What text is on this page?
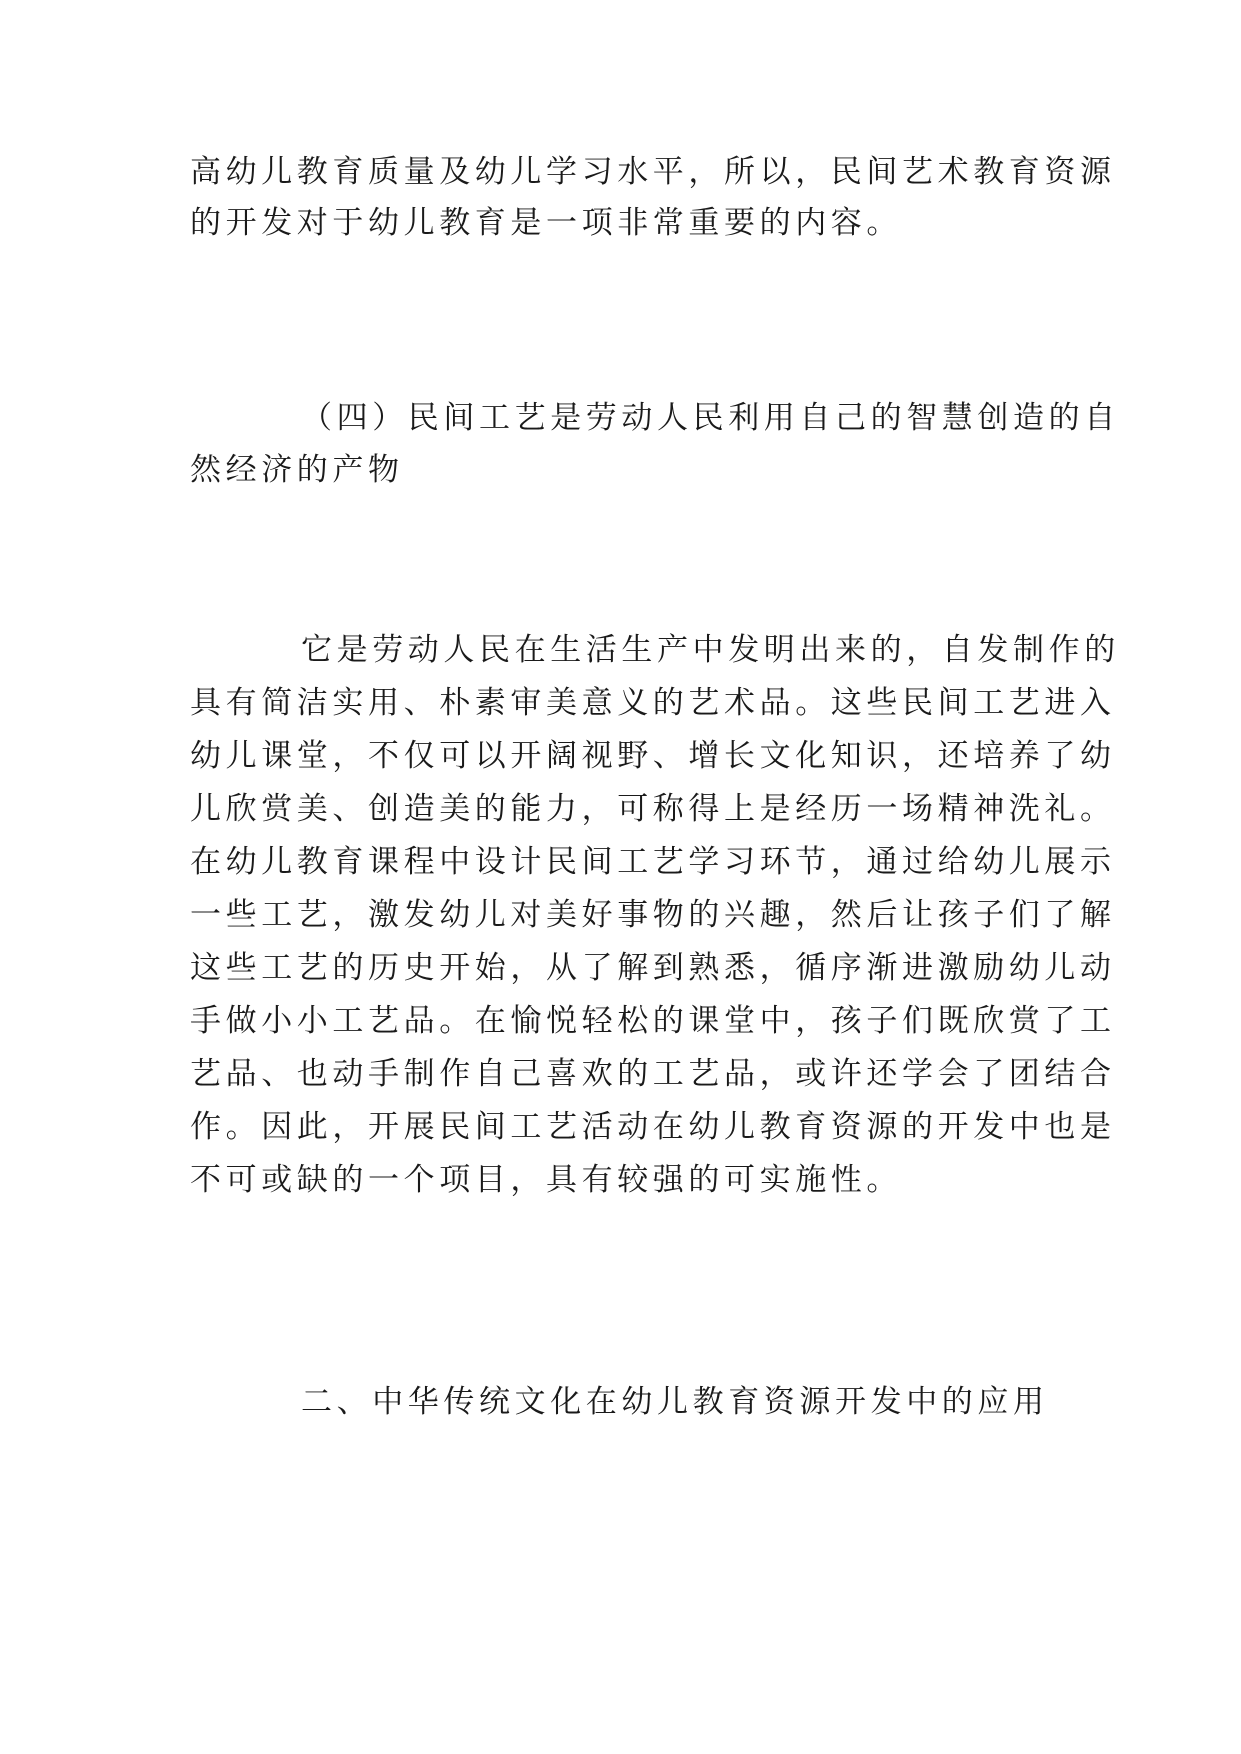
高幼儿教育质量及幼儿学习水平，所以，民间艺术教育资源

的开发对于幼儿教育是一项非常重要的内容。

（四）民间工艺是劳动人民利用自己的智慧创造的自

然经济的产物

它是劳动人民在生活生产中发明出来的，自发制作的

具有简洁实用、朴素审美意义的艺术品。这些民间工艺进入

幼儿课堂，不仅可以开阔视野、增长文化知识，还培养了幼

儿欣赏美、创造美的能力，可称得上是经历一场精神洗礼。

在幼儿教育课程中设计民间工艺学习环节，通过给幼儿展示

一些工艺，激发幼儿对美好事物的兴趣，然后让孩子们了解

这些工艺的历史开始，从了解到熟悉，循序渐进激励幼儿动

手做小小工艺品。在愉悦轻松的课堂中，孩子们既欣赏了工

艺品、也动手制作自己喜欢的工艺品，或许还学会了团结合

作。因此，开展民间工艺活动在幼儿教育资源的开发中也是

不可或缺的一个项目，具有较强的可实施性。

二、中华传统文化在幼儿教育资源开发中的应用
